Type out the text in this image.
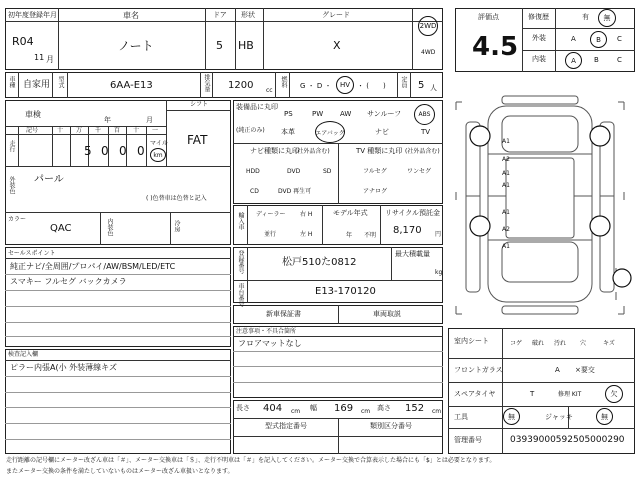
初年度登録年月
R04
11 月
車名
ノート
ドア
5
形状
HB
グレード
X
2WD
4WD
車種 自家用 型式	6AA-E13	排気量 1200 cc
燃料 G ・ D ・ HV ・ (　　) 定員 5 人
車検
年	月
シフト
FAT
走行
記号	十 万 千 百 十 一
5 0 0 0
マイル
km
外装色 パール
( )色替車は色替と記入
カラー
QAC	内装色	冷房
装備品に丸印
(純正のみ)
PS	PW AW サンルーフ	ABS
本革	エアバック	ナビ	TV
ナビ種類に丸印
(社外品含む)	TV 種類に丸印 (社外品含む)
HDD	DVD	SD
CD	DVD 再生可
フルセグ	ワンセグ
アナログ
輸入車 ディーラー
並行
右 H
左 H
モデル年式
年 不明
リサイクル預託金
8,170 円
セールスポイント
純正ナビ/全周囲/プロパイ/AW/BSM/LED/ETC
スマキー フルセグ バックカメラ
登録番号	松戸510た0812
最大積載量
kg
車台番号	E13-170120
新車保証書	車両取説
注意事項・不具合箇所
フロアマットなし
検査記入欄
ピラー内張A(小 外装薄線キズ
長さ 404 cm 幅 169 cm 高さ 152 cm
型式指定番号	類別区分番号
評価点
4.5
修復歴	有 無
外装	A	B C
内装	A	B	C
A1
A2
A1
A1
A1
A2
A1
室内シート	コゲ 破れ 汚れ 穴	キズ
フロントガラス	A ×要交
スペアタイヤ	T	修理 KIT	欠
工具	無	ジャッキ	無
管理番号	03939000592505000290
走行距離の記号欄にメーター改ざん車は「＃」、メーター交換車は「＄」、走行不明車は「＃」を記入してください。メーター交換で合算表示した場合にも「$」とは必要となります。
またメーター交換の条件を満たしていないものはメーター改ざん車扱いとなります。
